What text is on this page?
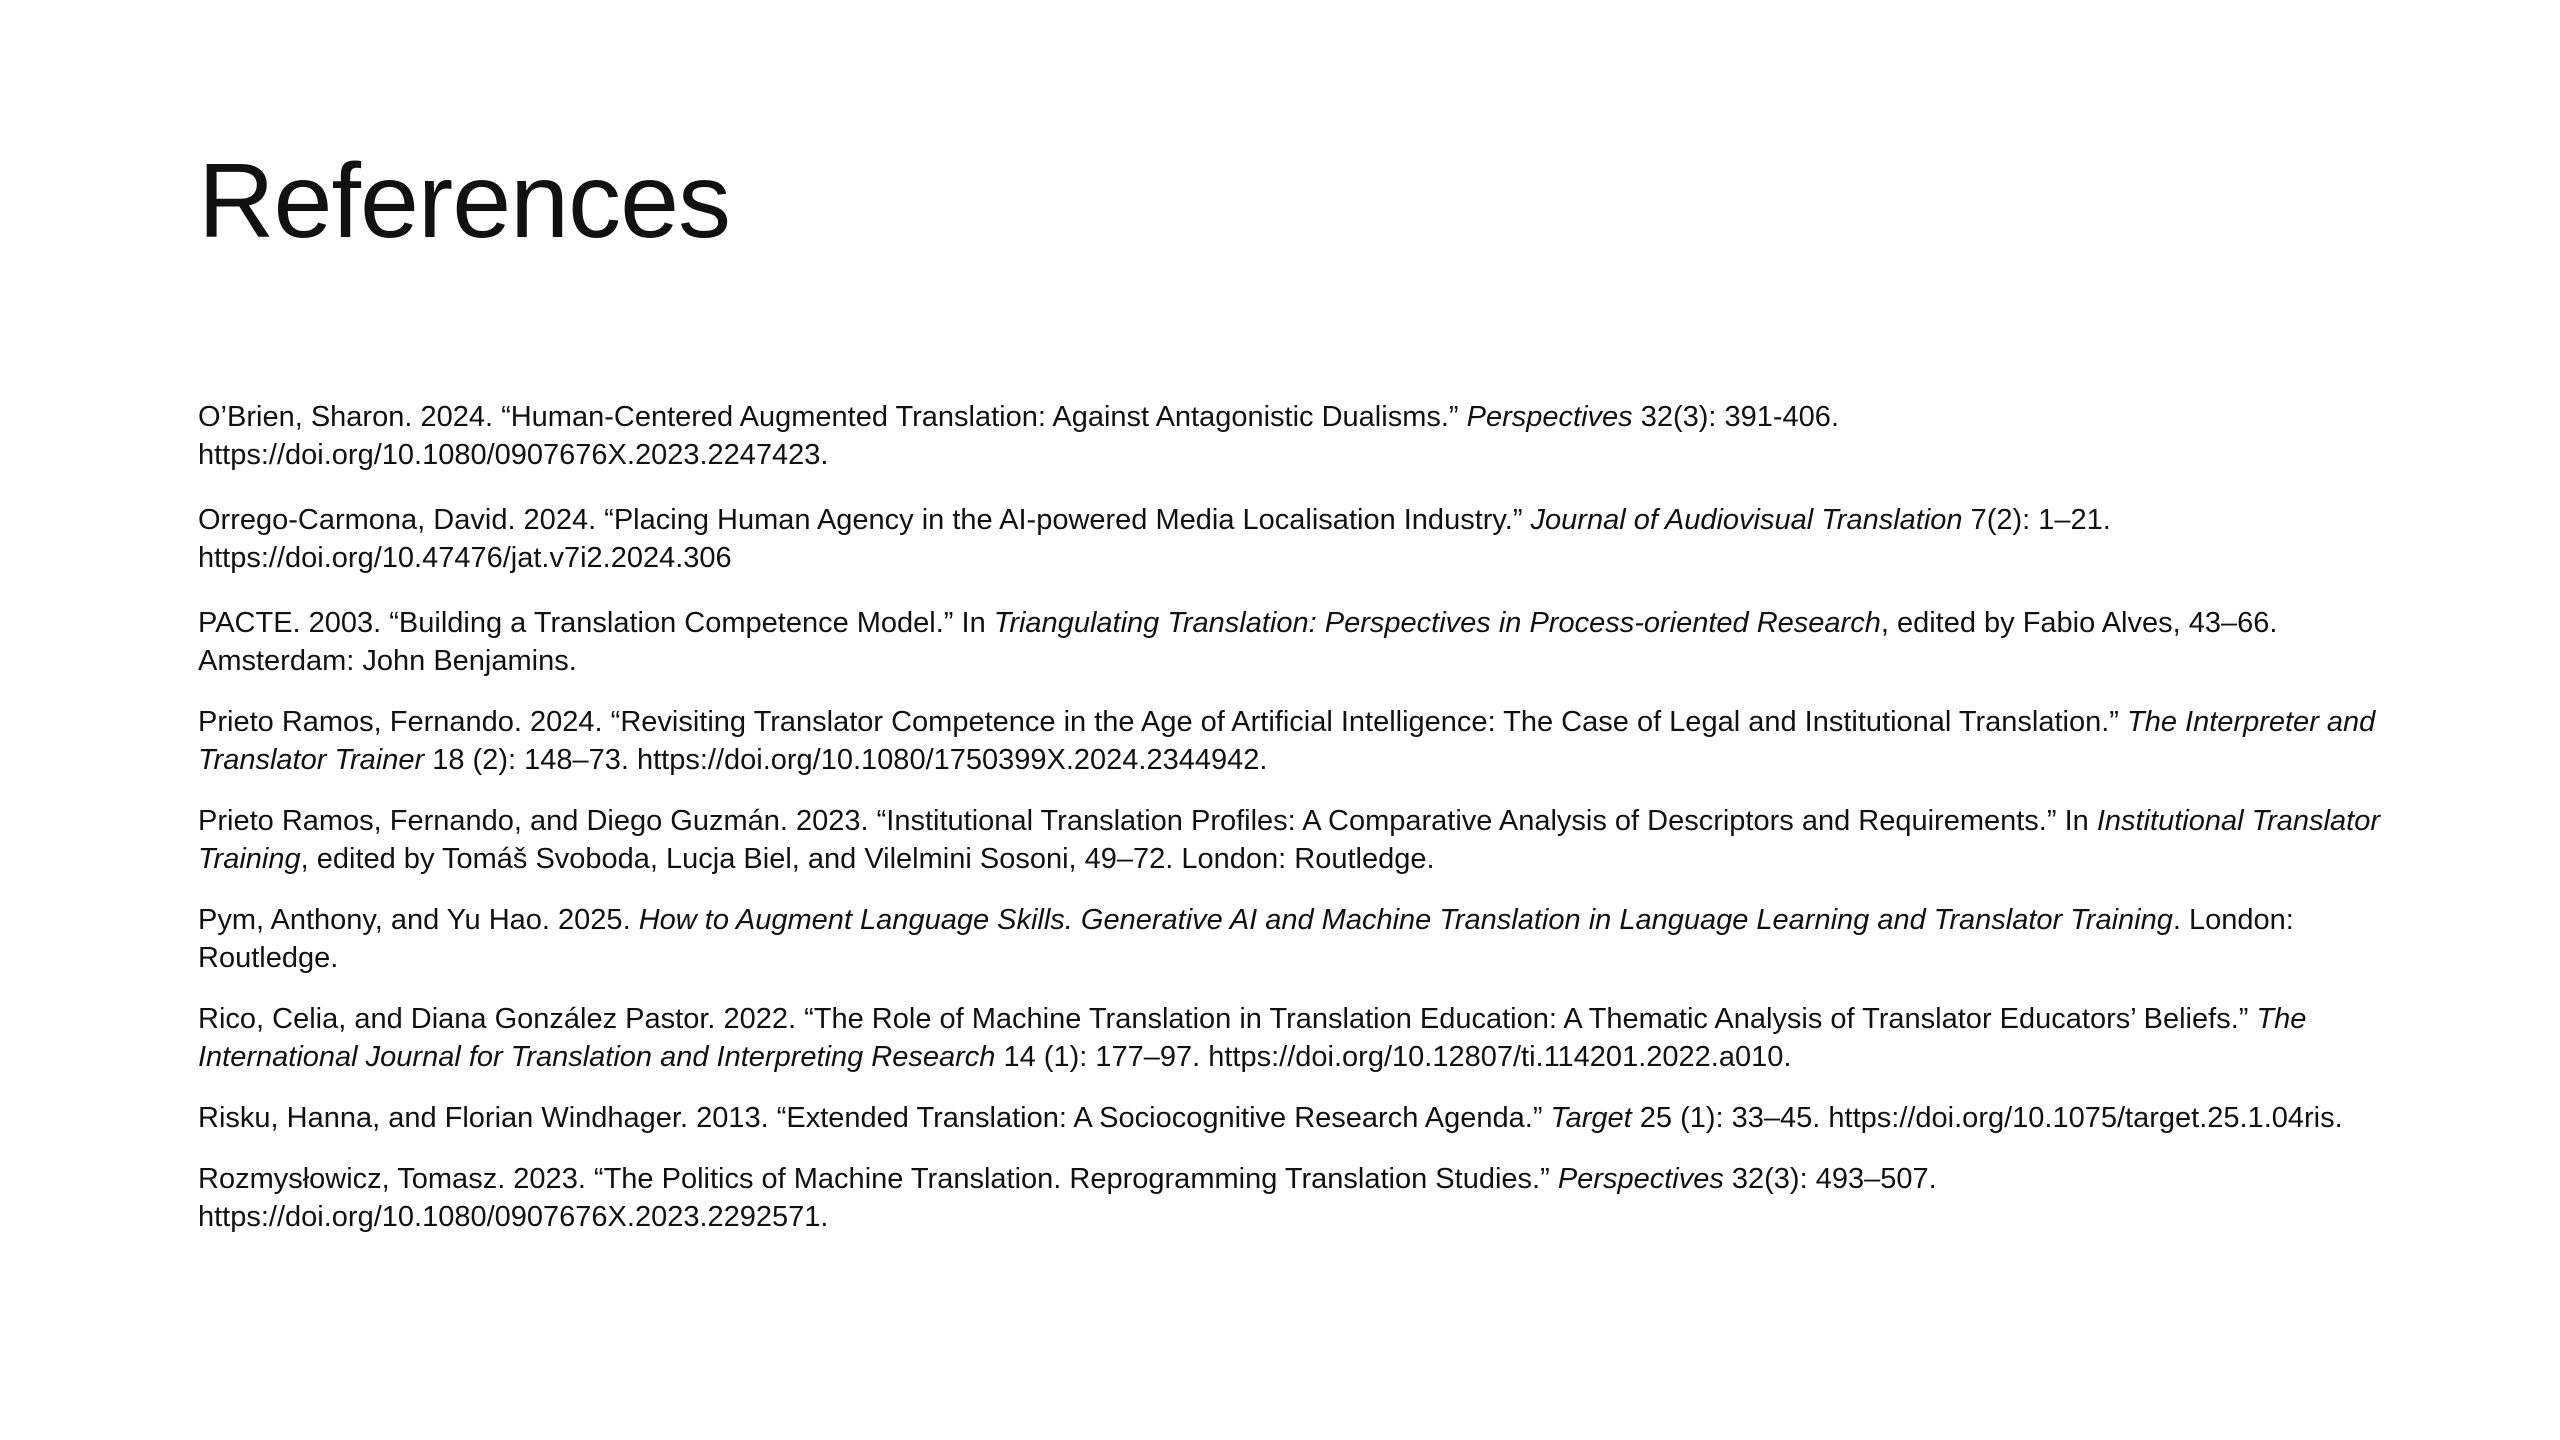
References
O’Brien, Sharon. 2024. “Human-Centered Augmented Translation: Against Antagonistic Dualisms.” Perspectives 32(3): 391-406. https://doi.org/10.1080/0907676X.2023.2247423.
Orrego-Carmona, David. 2024. “Placing Human Agency in the AI-powered Media Localisation Industry.” Journal of Audiovisual Translation 7(2): 1–21. https://doi.org/10.47476/jat.v7i2.2024.306
PACTE. 2003. “Building a Translation Competence Model.” In Triangulating Translation: Perspectives in Process-oriented Research, edited by Fabio Alves, 43–66. Amsterdam: John Benjamins.
Prieto Ramos, Fernando. 2024. “Revisiting Translator Competence in the Age of Artificial Intelligence: The Case of Legal and Institutional Translation.” The Interpreter and Translator Trainer 18 (2): 148–73. https://doi.org/10.1080/1750399X.2024.2344942.
Prieto Ramos, Fernando, and Diego Guzmán. 2023. “Institutional Translation Profiles: A Comparative Analysis of Descriptors and Requirements.” In Institutional Translator Training, edited by Tomáš Svoboda, Lucja Biel, and Vilelmini Sosoni, 49–72. London: Routledge.
Pym, Anthony, and Yu Hao. 2025. How to Augment Language Skills. Generative AI and Machine Translation in Language Learning and Translator Training. London: Routledge.
Rico, Celia, and Diana González Pastor. 2022. “The Role of Machine Translation in Translation Education: A Thematic Analysis of Translator Educators’ Beliefs.” The International Journal for Translation and Interpreting Research 14 (1): 177–97. https://doi.org/10.12807/ti.114201.2022.a010.
Risku, Hanna, and Florian Windhager. 2013. “Extended Translation: A Sociocognitive Research Agenda.” Target 25 (1): 33–45. https://doi.org/10.1075/target.25.1.04ris.
Rozmysłowicz, Tomasz. 2023. “The Politics of Machine Translation. Reprogramming Translation Studies.” Perspectives 32(3): 493–507. https://doi.org/10.1080/0907676X.2023.2292571.
